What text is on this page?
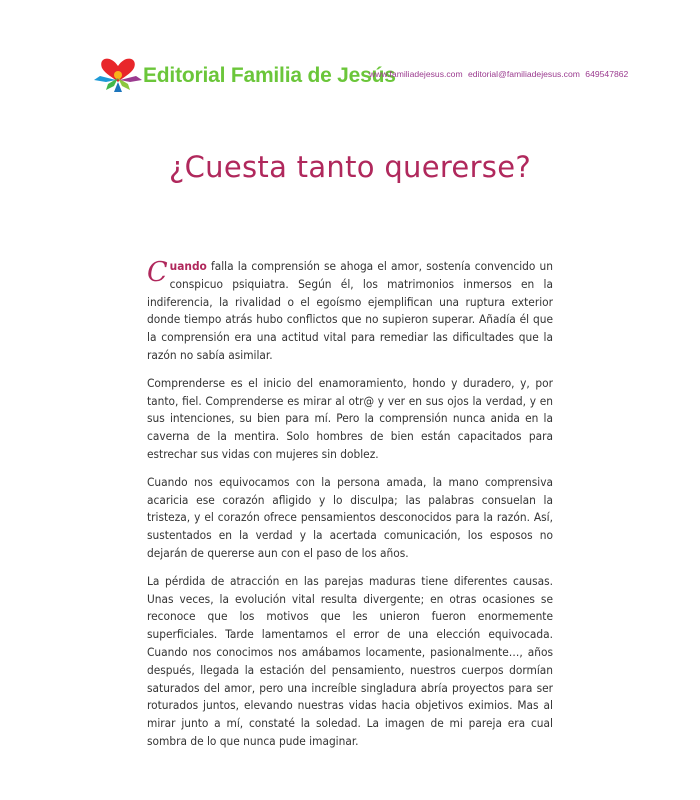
Editorial Familia de Jesús
www.familiadejesus.com editorial@familiadejesus.com 649547862
¿Cuesta tanto quererse?

Cuando falla la comprensión se ahoga el amor, sostenía convencido un conspicuo psiquiatra. Según él, los matrimonios inmersos en la indiferencia, la rivalidad o el egoísmo ejemplifican una ruptura exterior donde tiempo atrás hubo conflictos que no supieron superar. Añadía él que la comprensión era una actitud vital para remediar las dificultades que la razón no sabía asimilar.

Comprenderse es el inicio del enamoramiento, hondo y duradero, y, por tanto, fiel. Comprenderse es mirar al otr@ y ver en sus ojos la verdad, y en sus intenciones, su bien para mí. Pero la comprensión nunca anida en la caverna de la mentira. Solo hombres de bien están capacitados para estrechar sus vidas con mujeres sin doblez.

Cuando nos equivocamos con la persona amada, la mano comprensiva acaricia ese corazón afligido y lo disculpa; las palabras consuelan la tristeza, y el corazón ofrece pensamientos desconocidos para la razón. Así, sustentados en la verdad y la acertada comunicación, los esposos no dejarán de quererse aun con el paso de los años.

La pérdida de atracción en las parejas maduras tiene diferentes causas. Unas veces, la evolución vital resulta divergente; en otras ocasiones se reconoce que los motivos que les unieron fueron enormemente superficiales. Tarde lamentamos el error de una elección equivocada. Cuando nos conocimos nos amábamos locamente, pasionalmente…, años después, llegada la estación del pensamiento, nuestros cuerpos dormían saturados del amor, pero una increíble singladura abría proyectos para ser roturados juntos, elevando nuestras vidas hacia objetivos eximios. Mas al mirar junto a mí, constaté la soledad. La imagen de mi pareja era cual sombra de lo que nunca pude imaginar.
